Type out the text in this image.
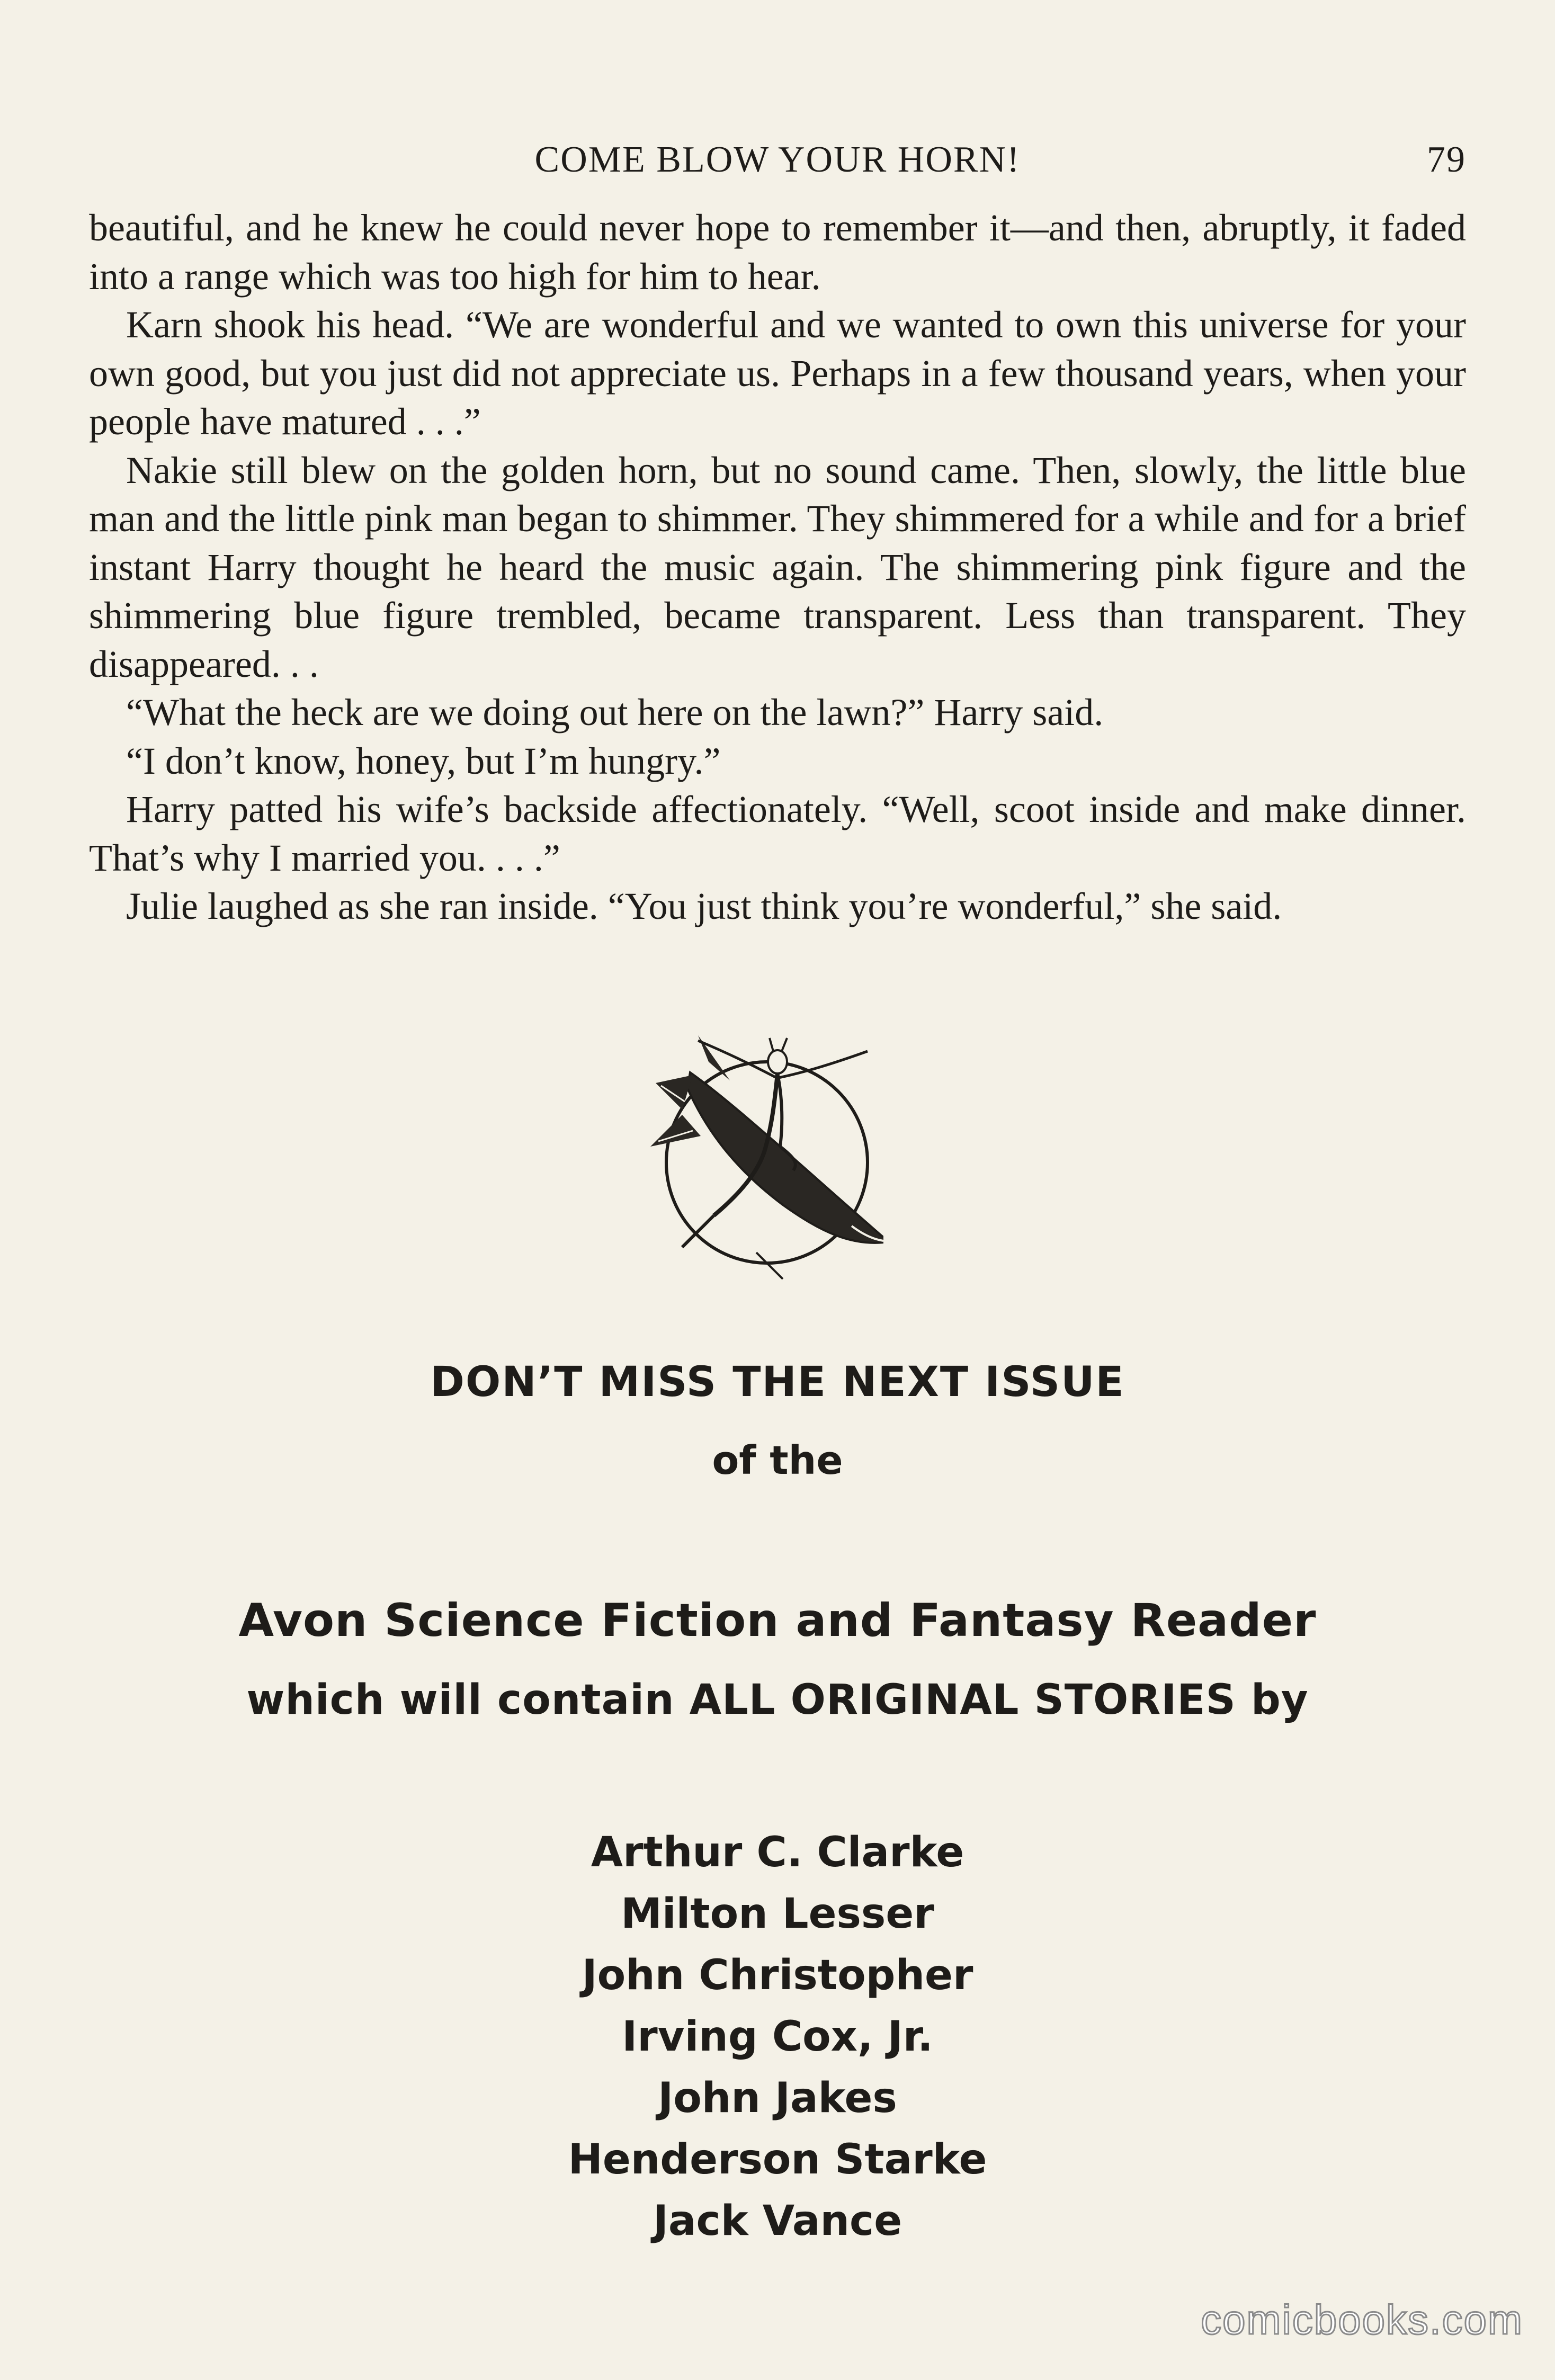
COME BLOW YOUR HORN!	79

beautiful, and he knew he could never hope to remember it—and then, abruptly, it faded into a range which was too high for him to hear.

Karn shook his head. “We are wonderful and we wanted to own this universe for your own good, but you just did not appreciate us. Perhaps in a few thousand years, when your people have matured . . .”

Nakie still blew on the golden horn, but no sound came. Then, slowly, the little blue man and the little pink man began to shimmer. They shimmered for a while and for a brief instant Harry thought he heard the music again. The shimmering pink figure and the shimmering blue figure trembled, became transparent. Less than transparent. They disappeared. . .

“What the heck are we doing out here on the lawn?” Harry said.

“I don’t know, honey, but I’m hungry.”

Harry patted his wife’s backside affectionately. “Well, scoot inside and make dinner. That’s why I married you. . . .”

Julie laughed as she ran inside. “You just think you’re wonderful,” she said.

DON’T MISS THE NEXT ISSUE
of the
Avon Science Fiction and Fantasy Reader
which will contain ALL ORIGINAL STORIES by
Arthur C. Clarke
Milton Lesser
John Christopher
Irving Cox, Jr.
John Jakes
Henderson Starke
Jack Vance
comicbooks.com
